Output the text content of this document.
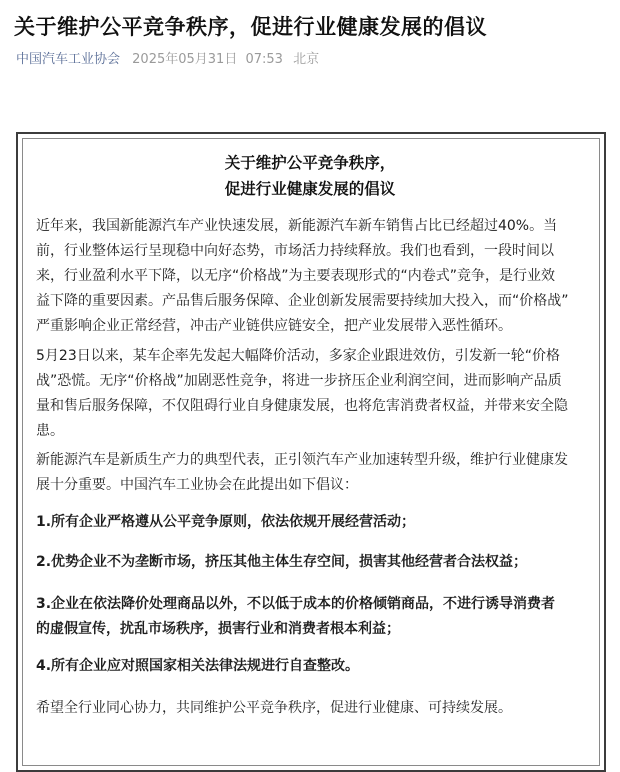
关于维护公平竞争秩序，促进行业健康发展的倡议
中国汽车工业协会 2025年05月31日 07:53 北京
关于维护公平竞争秩序，
促进行业健康发展的倡议
近年来，我国新能源汽车产业快速发展，新能源汽车新车销售占比已经超过40%。当
前，行业整体运行呈现稳中向好态势，市场活力持续释放。我们也看到，一段时间以
来，行业盈利水平下降，以无序“价格战”为主要表现形式的“内卷式”竞争，是行业效
益下降的重要因素。产品售后服务保障、企业创新发展需要持续加大投入，而“价格战”
严重影响企业正常经营，冲击产业链供应链安全，把产业发展带入恶性循环。
5月23日以来，某车企率先发起大幅降价活动，多家企业跟进效仿，引发新一轮“价格
战”恐慌。无序“价格战”加剧恶性竞争，将进一步挤压企业利润空间，进而影响产品质
量和售后服务保障，不仅阻碍行业自身健康发展，也将危害消费者权益，并带来安全隐
患。
新能源汽车是新质生产力的典型代表，正引领汽车产业加速转型升级，维护行业健康发
展十分重要。中国汽车工业协会在此提出如下倡议：
1.所有企业严格遵从公平竞争原则，依法依规开展经营活动；
2.优势企业不为垄断市场，挤压其他主体生存空间，损害其他经营者合法权益；
3.企业在依法降价处理商品以外，不以低于成本的价格倾销商品，不进行诱导消费者
的虚假宣传，扰乱市场秩序，损害行业和消费者根本利益；
4.所有企业应对照国家相关法律法规进行自查整改。
希望全行业同心协力，共同维护公平竞争秩序，促进行业健康、可持续发展。
